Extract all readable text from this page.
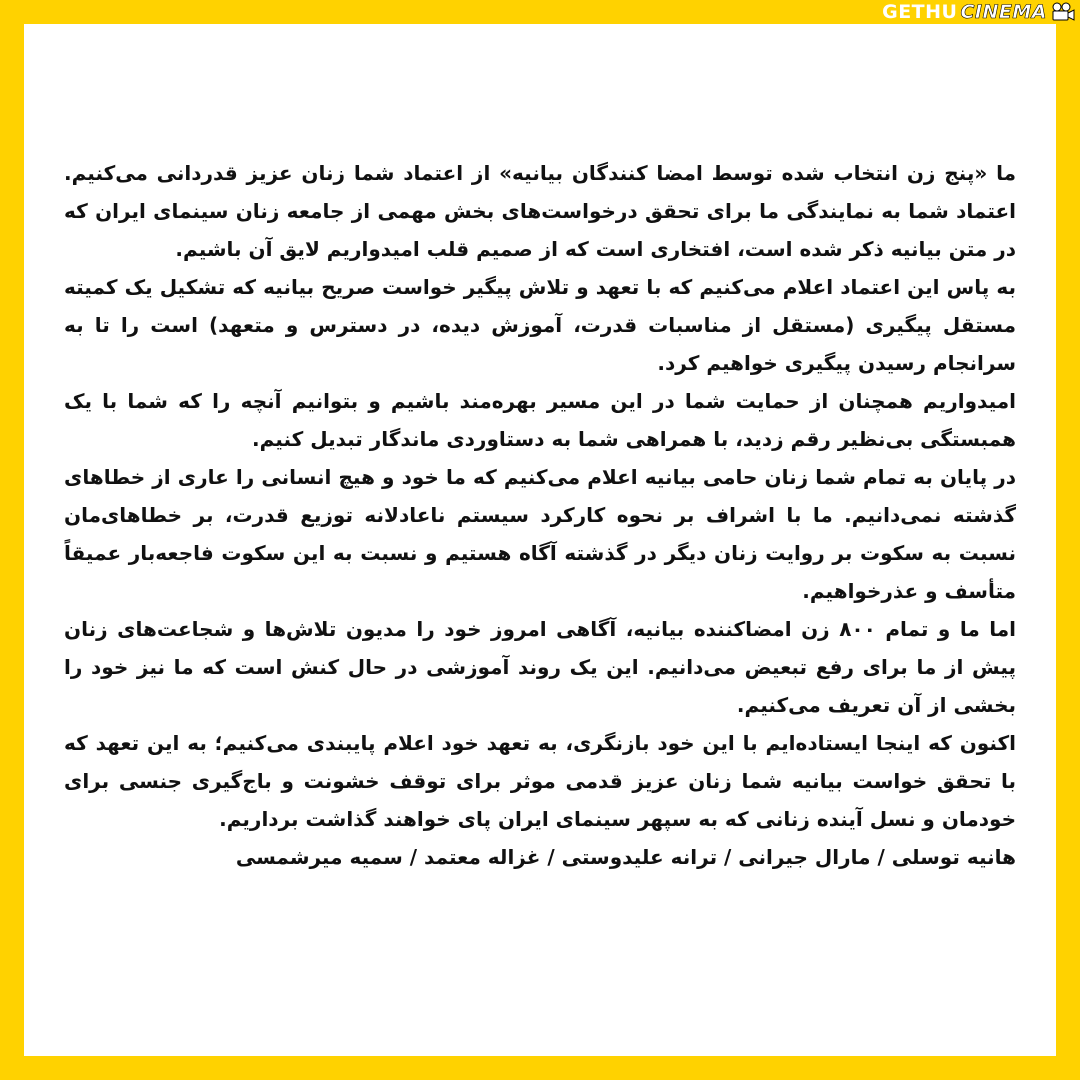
GETHU CINEMA

ما «پنج زن انتخاب شده توسط امضا کنندگان بیانیه» از اعتماد شما زنان عزیز قدردانی می‌کنیم. اعتماد شما به نمایندگی ما برای تحقق درخواست‌های بخش مهمی از جامعه زنان سینمای ایران که در متن بیانیه ذکر شده است، افتخاری است که از صمیم قلب امیدواریم لایق آن باشیم.

به پاس این اعتماد اعلام می‌کنیم که با تعهد و تلاش پیگیر خواست صریح بیانیه که تشکیل یک کمیته مستقل پیگیری (مستقل از مناسبات قدرت، آموزش دیده، در دسترس و متعهد) است را تا به سرانجام رسیدن پیگیری خواهیم کرد.

امیدواریم همچنان از حمایت شما در این مسیر بهره‌مند باشیم و بتوانیم آنچه را که شما با یک همبستگی بی‌نظیر رقم زدید، با همراهی شما به دستاوردی ماندگار تبدیل کنیم.

در پایان به تمام شما زنان حامی بیانیه اعلام می‌کنیم که ما خود و هیچ انسانی را عاری از خطاهای گذشته نمی‌دانیم. ما با اشراف بر نحوه کارکرد سیستم ناعادلانه توزیع قدرت، بر خطاهای‌مان نسبت به سکوت بر روایت زنان دیگر در گذشته آگاه هستیم و نسبت به این سکوت فاجعه‌بار عمیقاً متأسف و عذرخواهیم.

اما ما و تمام ۸۰۰ زن امضاکننده بیانیه، آگاهی امروز خود را مدیون تلاش‌ها و شجاعت‌های زنان پیش از ما برای رفع تبعیض می‌دانیم. این یک روند آموزشی در حال کنش است که ما نیز خود را بخشی از آن تعریف می‌کنیم.

اکنون که اینجا ایستاده‌ایم با این خود بازنگری، به تعهد خود اعلام پایبندی می‌کنیم؛ به این تعهد که با تحقق خواست بیانیه شما زنان عزیز قدمی موثر برای توقف خشونت و باج‌گیری جنسی برای خودمان و نسل آینده زنانی که به سپهر سینمای ایران پای خواهند گذاشت برداریم.

هانیه توسلی / مارال جیرانی / ترانه علیدوستی / غزاله معتمد / سمیه میرشمسی
